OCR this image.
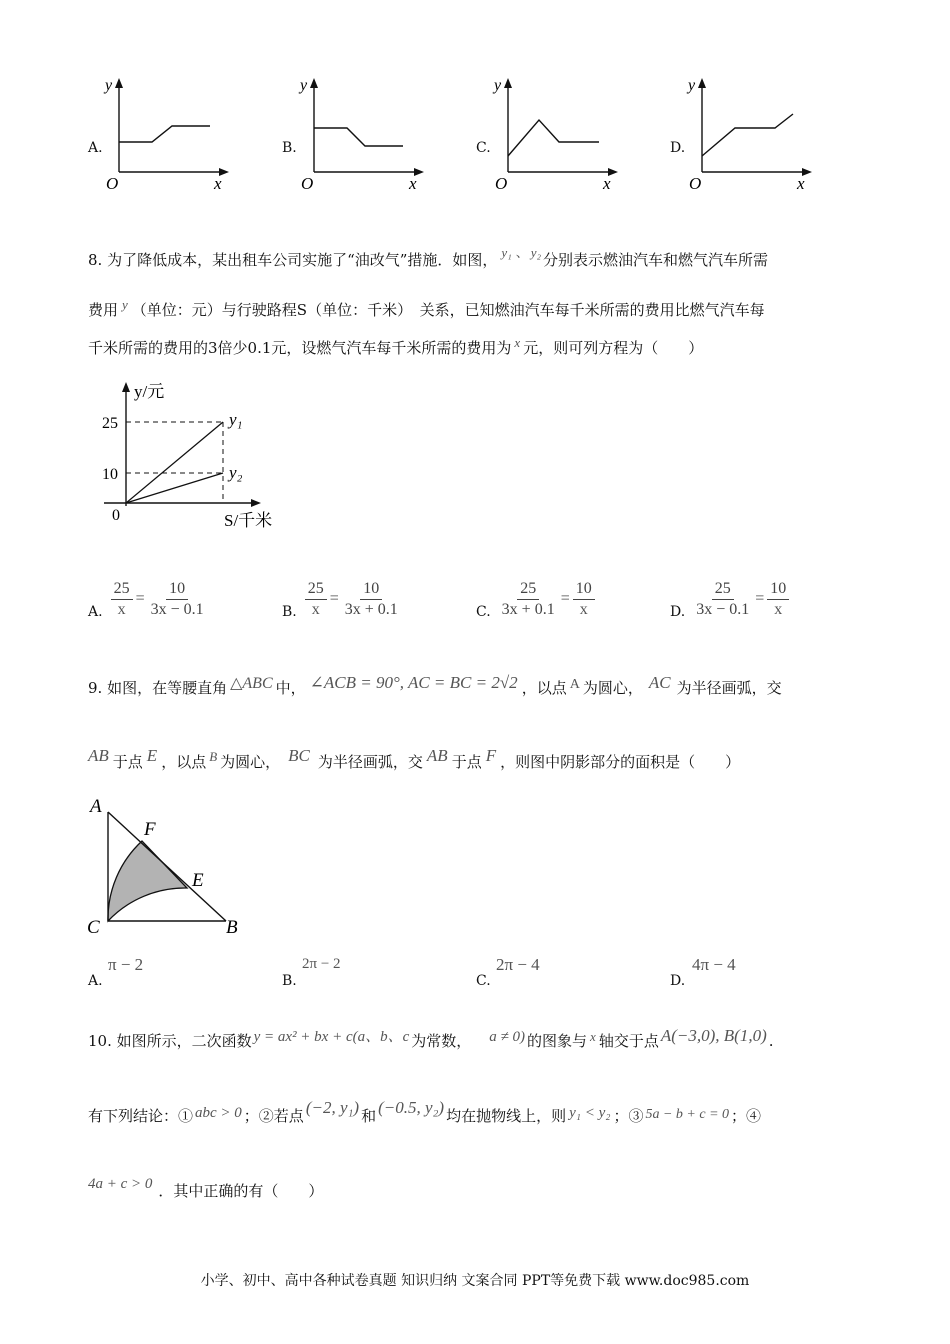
A.
y
x
O
B.
y
x
O
C.
y
x
O
D.
y
x
O
8. 为了降低成本，某出租车公司实施了“油改气”措施．如图， y₁ 、 y₂ 分别表示燃油汽车和燃气汽车所需
费用 y （单位：元）与行驶路程S（单位：千米）　关系，已知燃油汽车每千米所需的费用比燃气汽车每
千米所需的费用的3倍少0.1元，设燃气汽车每千米所需的费用为 x 元，则可列方程为（　　）
y/元
25
10
0
y₁
y₂
S/千米
A. $\frac{25}{x} = \frac{10}{3x - 0.1}$	B. $\frac{25}{x} = \frac{10}{3x + 0.1}$	C. $\frac{25}{3x + 0.1} = \frac{10}{x}$	D. $\frac{25}{3x - 0.1} = \frac{10}{x}$
9. 如图，在等腰直角 △ABC 中， ∠ACB = 90°, AC = BC = 2√2 ，以点 A 为圆心， AC 为半径画弧，交
AB 于点 E ，以点 B 为圆心， BC 为半径画弧，交 AB 于点 F ，则图中阴影部分的面积是（　　）
A
F
E
C	B
A.
π − 2
B.
2π − 2
C.
2π − 4
D.
4π − 4
10. 如图所示，二次函数 y = ax² + bx + c(a、b、c 为常数， a ≠ 0) 的图象与 x 轴交于点 A(−3,0), B(1,0) .
有下列结论：① abc > 0 ；②若点 (−2, y₁) 和 (−0.5, y₂) 均在抛物线上，则 y₁ < y₂ ；③ 5a − b + c = 0 ；④
4a + c > 0 ．其中正确的有（　　）
小学、初中、高中各种试卷真题 知识归纳 文案合同 PPT等免费下载 www.doc985.com
